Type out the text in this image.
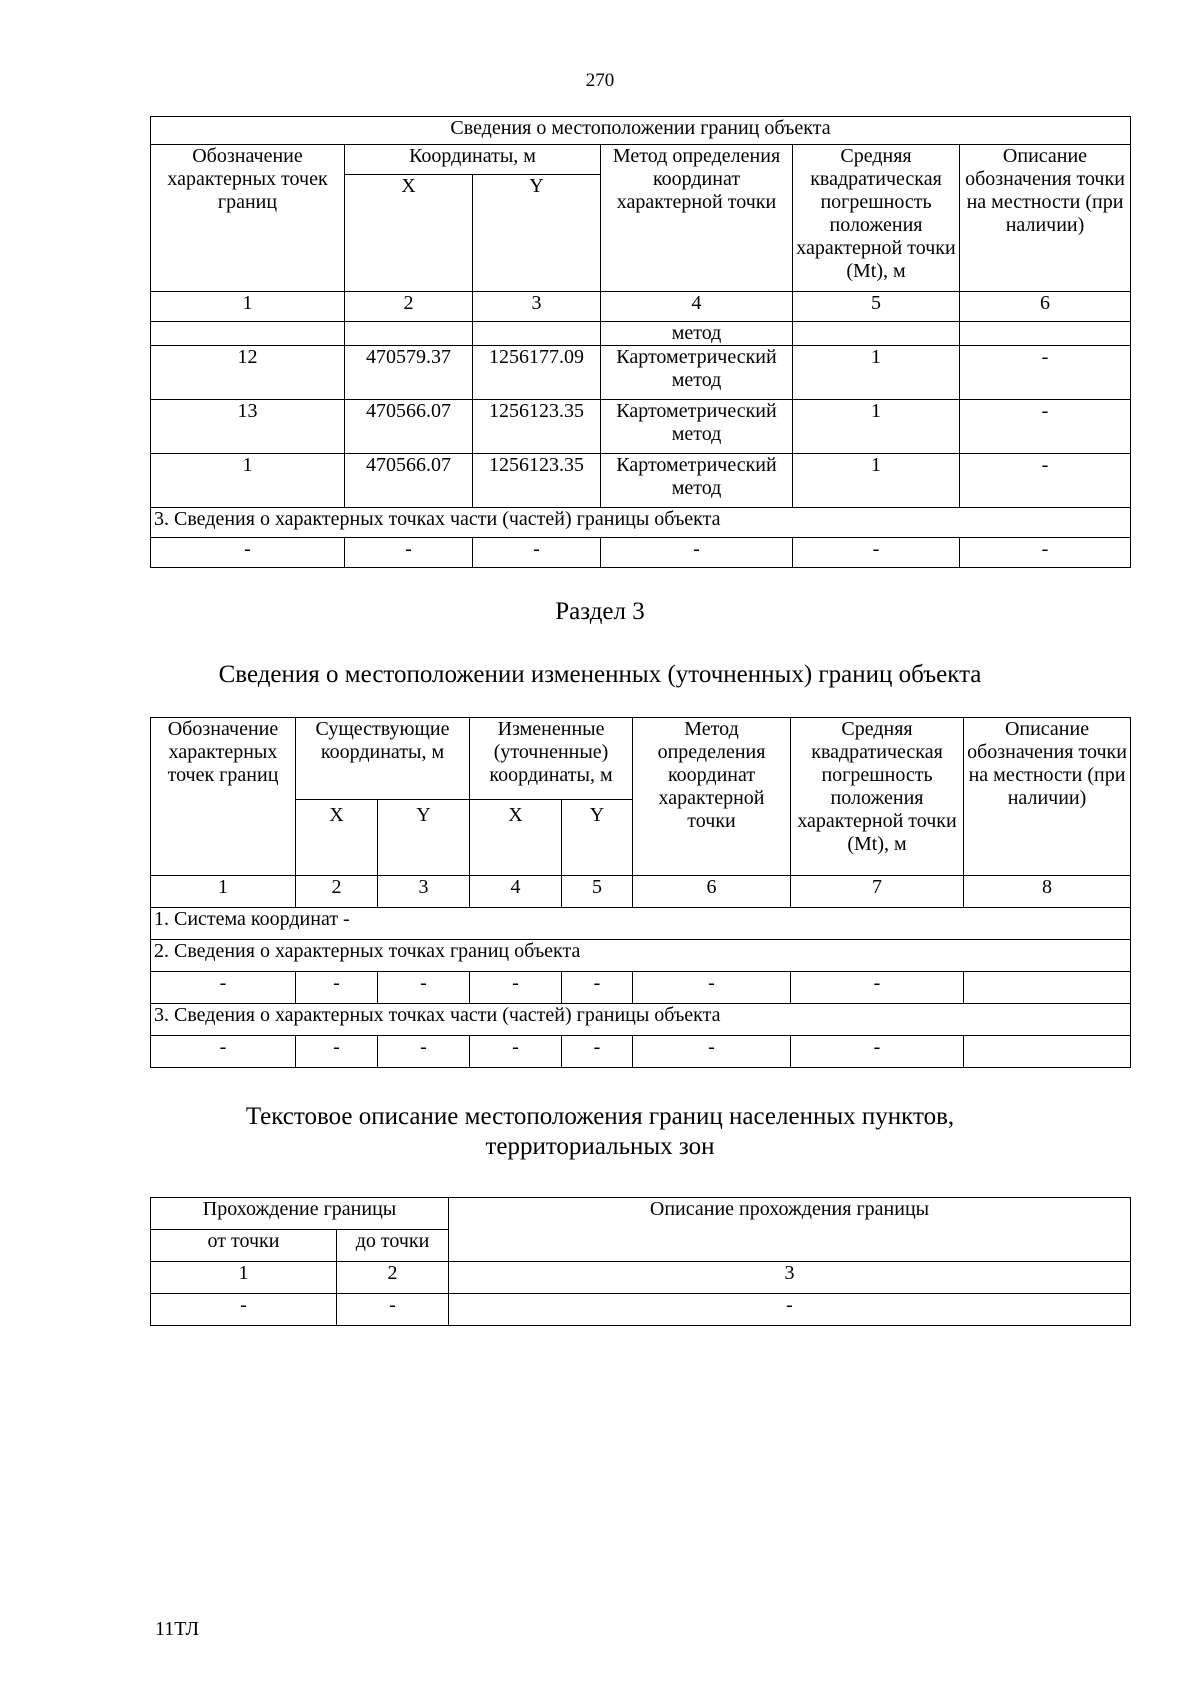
270
Сведения о местоположении границ объекта					
Обозначение характерных точек границ	Координаты, м		Метод определения координат характерной точки	Средняя квадратическая погрешность положения характерной точки (Mt), м	Описание обозначения точки на местности (при наличии)
	X	Y			
1	2	3	4	5	6
			метод		
12	470579.37	1256177.09	Картометрический метод	1	-
13	470566.07	1256123.35	Картометрический метод	1	-
1	470566.07	1256123.35	Картометрический метод	1	-
3. Сведения о характерных точках части (частей) границы объекта					
-	-	-	-	-	-
Раздел 3
Сведения о местоположении измененных (уточненных) границ объекта
Обозначение характерных точек границ	Существующие координаты, м		Измененные (уточненные) координаты, м		Метод определения координат характерной точки	Средняя квадратическая погрешность положения характерной точки (Mt), м	Описание обозначения точки на местности (при наличии)
	X	Y	X	Y			
1	2	3	4	5	6	7	8
1. Система координат -							
2. Сведения о характерных точках границ объекта							
-	-	-	-	-	-	-	
3. Сведения о характерных точках части (частей) границы объекта							
-	-	-	-	-	-	-	
Текстовое описание местоположения границ населенных пунктов,
территориальных зон
Прохождение границы		Описание прохождения границы
от точки	до точки	
1	2	3
-	-	-
11ТЛ
